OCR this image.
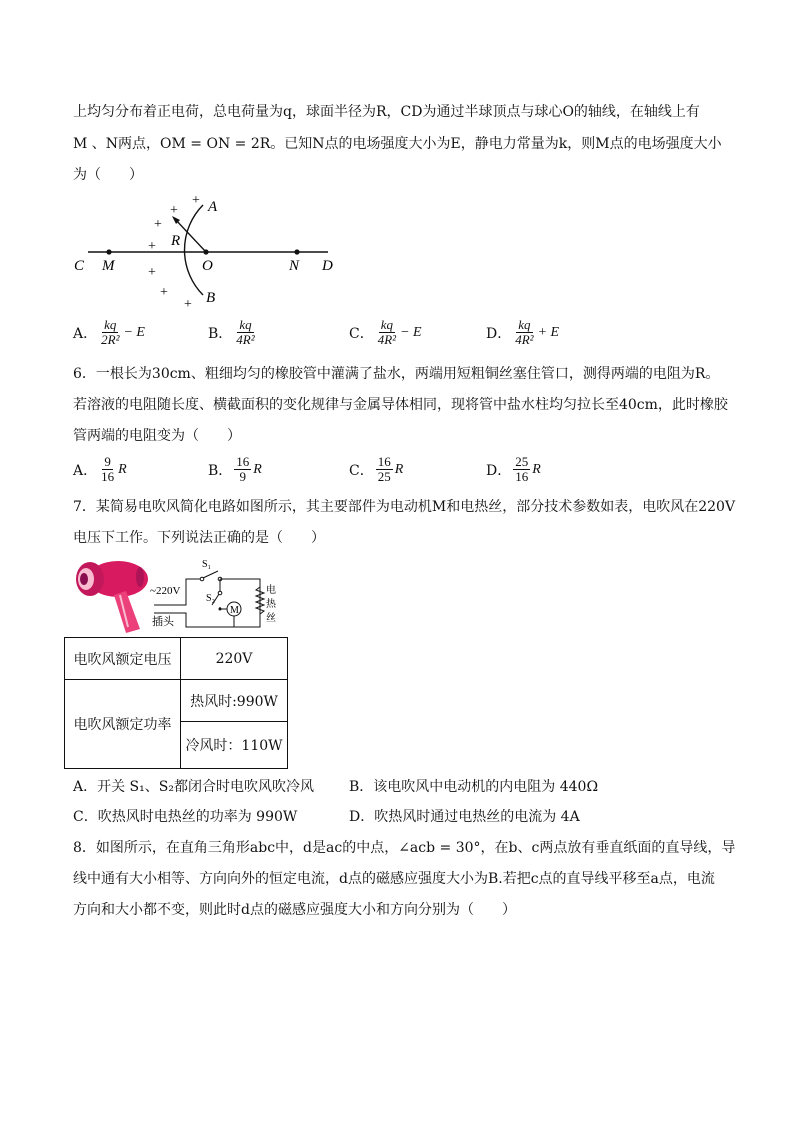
上均匀分布着正电荷，总电荷量为q，球面半径为R，CD为通过半球顶点与球心O的轴线，在轴线上有
M 、N两点，OM = ON = 2R。已知N点的电场强度大小为E，静电力常量为k，则M点的电场强度大小
为（　　）
C M	O	N D
A
B
R
+
+
+
+
+
+
+
A． $\frac{kq}{\text{2R²}} - E$	B． $\frac{kq}{\text{4R²}}$	C． $\frac{kq}{\text{4R²}} - E$	D． $\frac{kq}{\text{4R²}} + E$
6．一根长为30cm、粗细均匀的橡胶管中灌满了盐水，两端用短粗铜丝塞住管口，测得两端的电阻为R。
若溶液的电阻随长度、横截面积的变化规律与金属导体相同，现将管中盐水柱均匀拉长至40cm，此时橡胶
管两端的电阻变为（　　）
A． $\frac{9}{16}$ R	B． $\frac{16}{9}$ R	C． $\frac{16}{25}$ R	D． $\frac{25}{16}$ R
7．某简易电吹风简化电路如图所示，其主要部件为电动机M和电热丝，部分技术参数如表，电吹风在220V
电压下工作。下列说法正确的是（　　）
~220V
插头
S₁
S₂
M
电
热
丝
电吹风额定电压	220V
电吹风额定功率	热风时:990W
	冷风时：110W
A．开关 S₁、S₂都闭合时电吹风吹冷风	B．该电吹风中电动机的内电阻为 440Ω
C．吹热风时电热丝的功率为 990W	D．吹热风时通过电热丝的电流为 4A
8．如图所示，在直角三角形abc中，d是ac的中点，∠acb = 30°，在b、c两点放有垂直纸面的直导线，导
线中通有大小相等、方向向外的恒定电流，d点的磁感应强度大小为B.若把c点的直导线平移至a点，电流
方向和大小都不变，则此时d点的磁感应强度大小和方向分别为（　　）
